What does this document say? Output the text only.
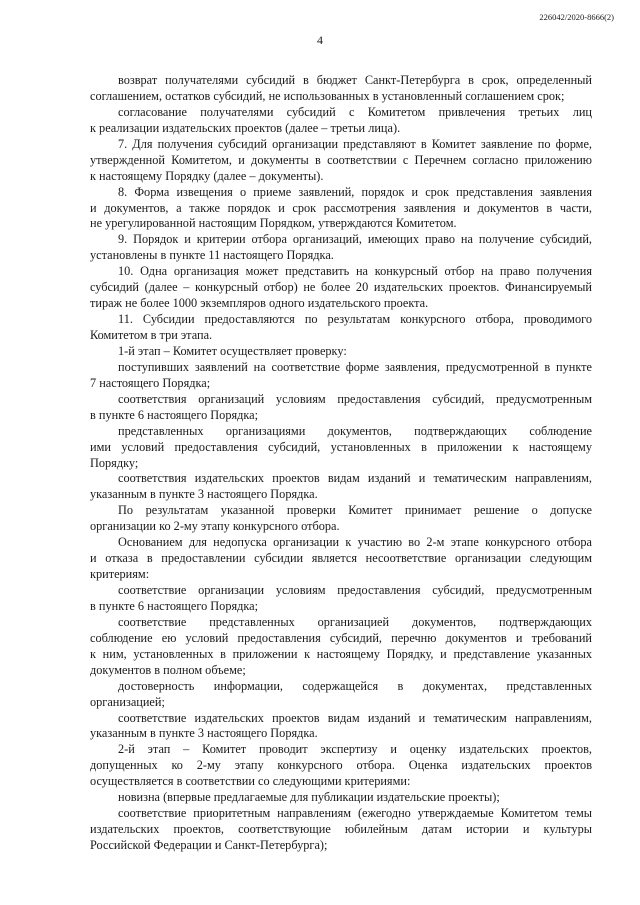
226042/2020-8666(2)
4
возврат получателями субсидий в бюджет Санкт-Петербурга в срок, определенный
соглашением, остатков субсидий, не использованных в установленный соглашением срок;
согласование получателями субсидий с Комитетом привлечения третьих лиц
к реализации издательских проектов (далее – третьи лица).
7. Для получения субсидий организации представляют в Комитет заявление по форме,
утвержденной Комитетом, и документы в соответствии с Перечнем согласно приложению
к настоящему Порядку (далее – документы).
8. Форма извещения о приеме заявлений, порядок и срок представления заявления
и документов, а также порядок и срок рассмотрения заявления и документов в части,
не урегулированной настоящим Порядком, утверждаются Комитетом.
9. Порядок и критерии отбора организаций, имеющих право на получение субсидий,
установлены в пункте 11 настоящего Порядка.
10. Одна организация может представить на конкурсный отбор на право получения
субсидий (далее – конкурсный отбор) не более 20 издательских проектов. Финансируемый
тираж не более 1000 экземпляров одного издательского проекта.
11. Субсидии предоставляются по результатам конкурсного отбора, проводимого
Комитетом в три этапа.
1-й этап – Комитет осуществляет проверку:
поступивших заявлений на соответствие форме заявления, предусмотренной в пункте
7 настоящего Порядка;
соответствия организаций условиям предоставления субсидий, предусмотренным
в пункте 6 настоящего Порядка;
представленных организациями документов, подтверждающих соблюдение
ими условий предоставления субсидий, установленных в приложении к настоящему
Порядку;
соответствия издательских проектов видам изданий и тематическим направлениям,
указанным в пункте 3 настоящего Порядка.
По результатам указанной проверки Комитет принимает решение о допуске
организации ко 2-му этапу конкурсного отбора.
Основанием для недопуска организации к участию во 2-м этапе конкурсного отбора
и отказа в предоставлении субсидии является несоответствие организации следующим
критериям:
соответствие организации условиям предоставления субсидий, предусмотренным
в пункте 6 настоящего Порядка;
соответствие представленных организацией документов, подтверждающих
соблюдение ею условий предоставления субсидий, перечню документов и требований
к ним, установленных в приложении к настоящему Порядку, и представление указанных
документов в полном объеме;
достоверность информации, содержащейся в документах, представленных
организацией;
соответствие издательских проектов видам изданий и тематическим направлениям,
указанным в пункте 3 настоящего Порядка.
2-й этап – Комитет проводит экспертизу и оценку издательских проектов,
допущенных ко 2-му этапу конкурсного отбора. Оценка издательских проектов
осуществляется в соответствии со следующими критериями:
новизна (впервые предлагаемые для публикации издательские проекты);
соответствие приоритетным направлениям (ежегодно утверждаемые Комитетом темы
издательских проектов, соответствующие юбилейным датам истории и культуры
Российской Федерации и Санкт-Петербурга);
